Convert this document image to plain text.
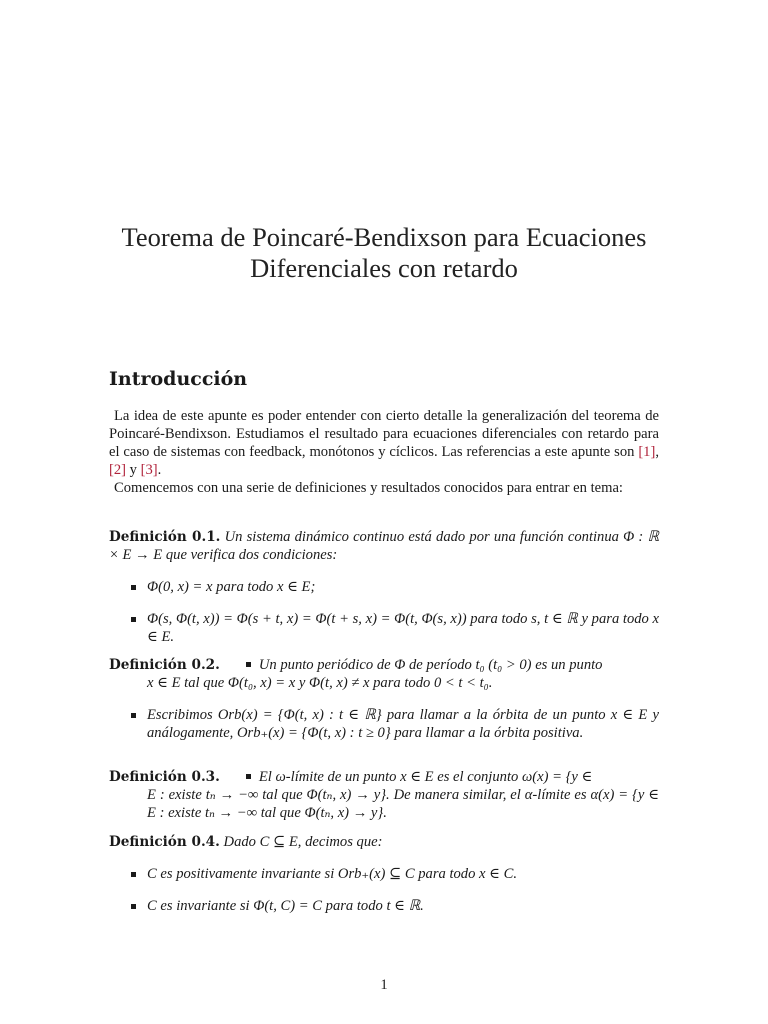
Teorema de Poincaré-Bendixson para Ecuaciones
Diferenciales con retardo
Introducción

La idea de este apunte es poder entender con cierto detalle la generalización del teorema de Poincaré-Bendixson. Estudiamos el resultado para ecuaciones diferenciales con retardo para el caso de sistemas con feedback, monótonos y cíclicos. Las referencias a este apunte son [1], [2] y [3].

Comencemos con una serie de definiciones y resultados conocidos para entrar en tema:

Definición 0.1. Un sistema dinámico continuo está dado por una función continua Φ : ℝ × E → E que verifica dos condiciones:
Φ(0, x) = x para todo x ∈ E;
Φ(s, Φ(t, x)) = Φ(s + t, x) = Φ(t + s, x) = Φ(t, Φ(s, x)) para todo s, t ∈ ℝ y para todo x ∈ E.
Definición 0.2.	Un punto periódico de Φ de período t₀ (t₀ > 0) es un punto
x ∈ E tal que Φ(t₀, x) = x y Φ(t, x) ≠ x para todo 0 < t < t₀.
Escribimos Orb(x) = {Φ(t, x) : t ∈ ℝ} para llamar a la órbita de un punto x ∈ E y análogamente, Orb₊(x) = {Φ(t, x) : t ≥ 0} para llamar a la órbita positiva.
Definición 0.3.	El ω-límite de un punto x ∈ E es el conjunto ω(x) = {y ∈
E : existe tₙ → −∞ tal que Φ(tₙ, x) → y}. De manera similar, el α-límite es α(x) = {y ∈ E : existe tₙ → −∞ tal que Φ(tₙ, x) → y}.
Definición 0.4. Dado C ⊆ E, decimos que:
C es positivamente invariante si Orb₊(x) ⊆ C para todo x ∈ C.
C es invariante si Φ(t, C) = C para todo t ∈ ℝ.
1
